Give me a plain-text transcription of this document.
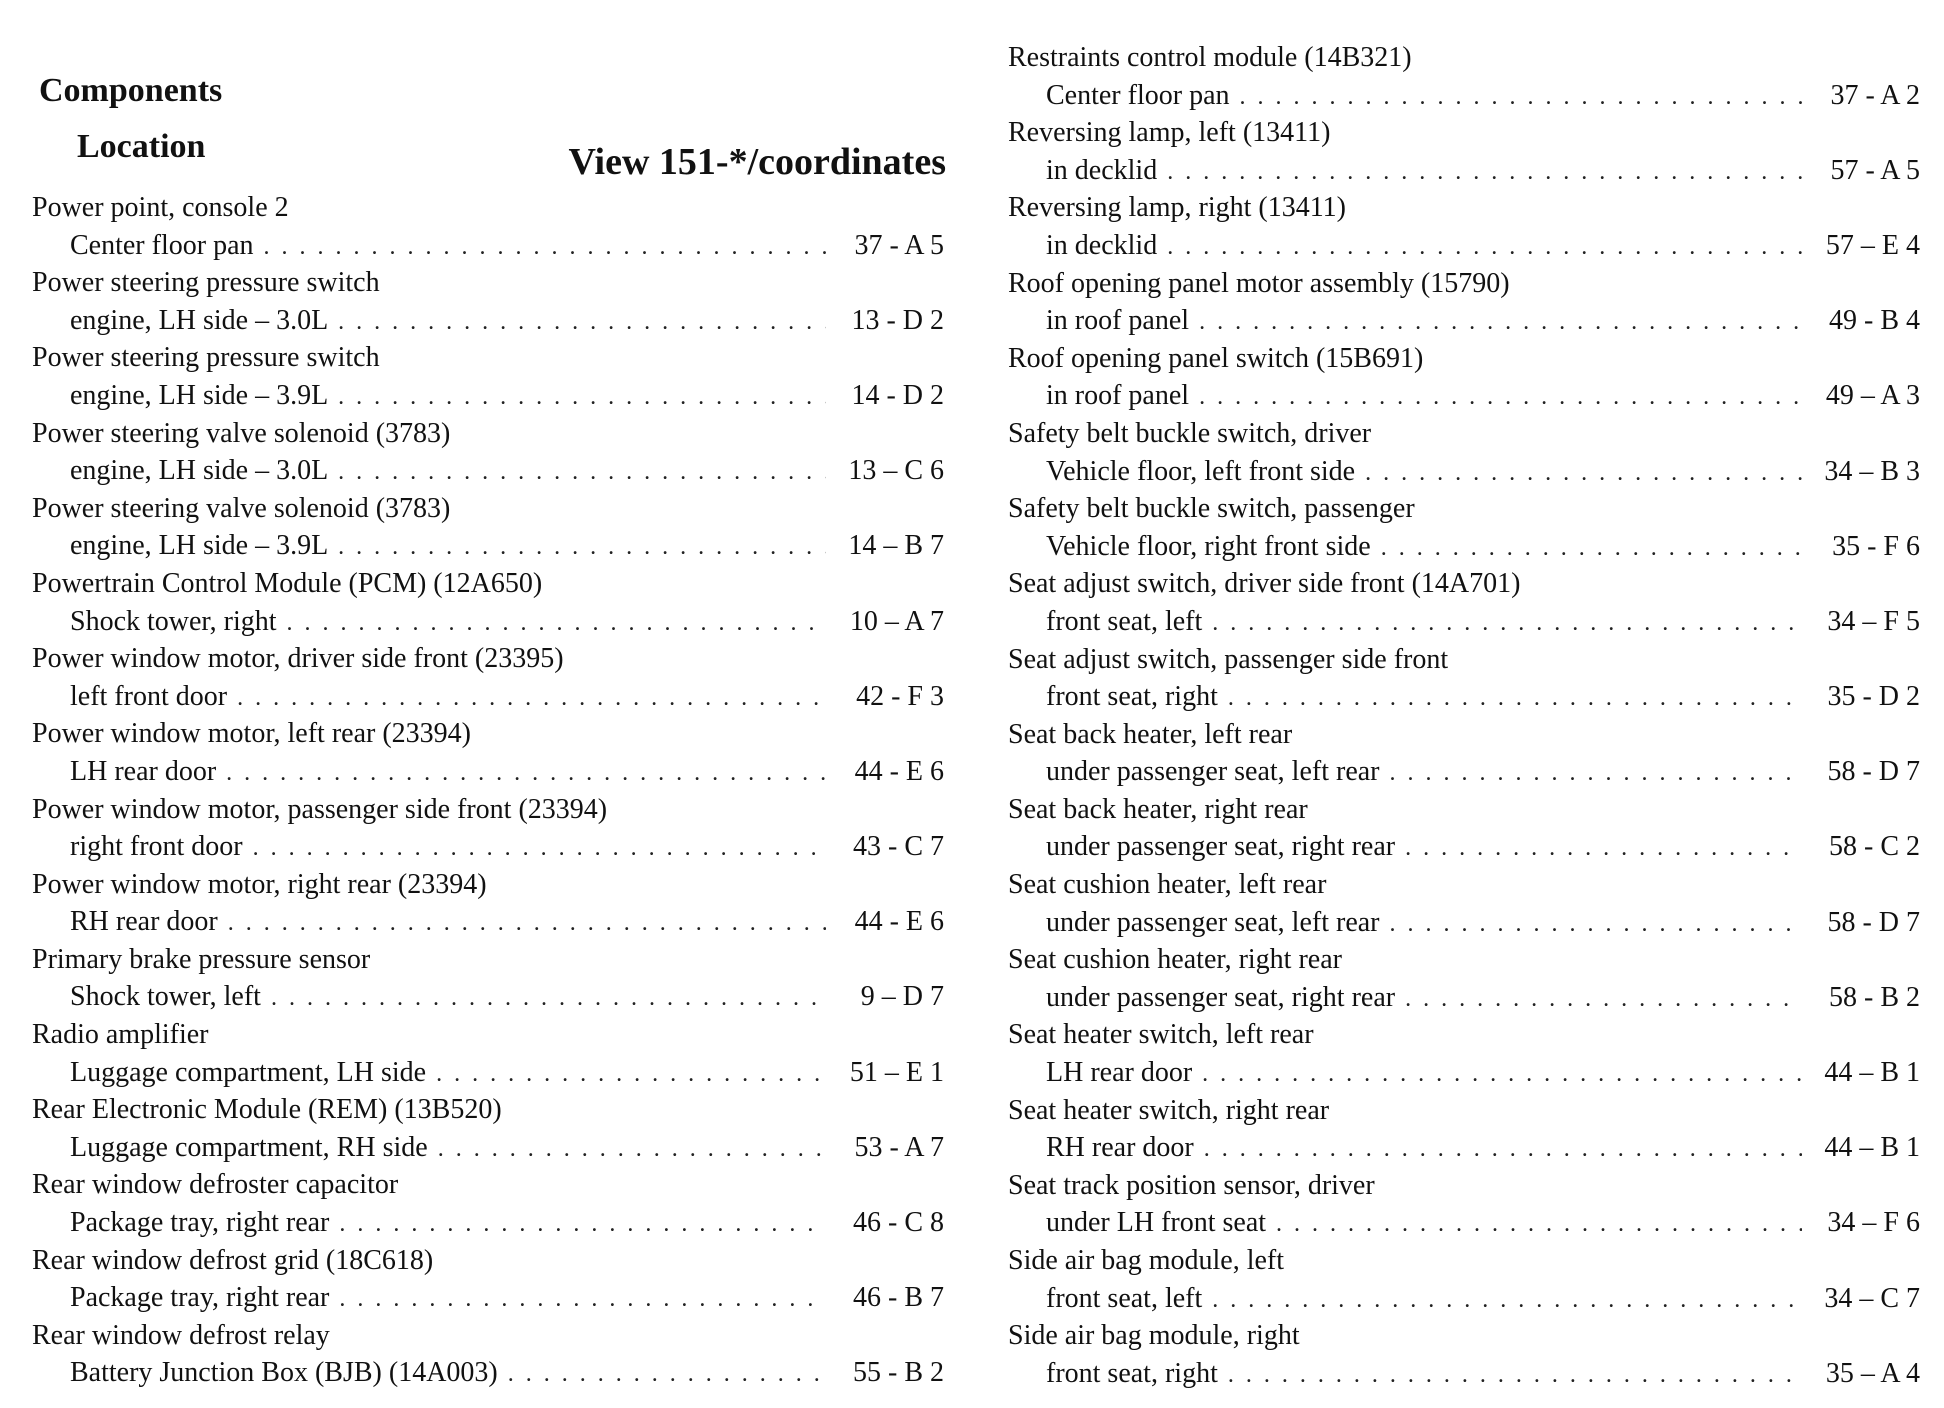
Components
Location	View 151-*/coordinates
Power point, console 2
Center floor pan . . .	37 - A 5
Power steering pressure switch
engine, LH side – 3.0L . . .	13 - D 2
Power steering pressure switch
engine, LH side – 3.9L . . .	14 - D 2
Power steering valve solenoid (3783)
engine, LH side – 3.0L . . .	13 – C 6
Power steering valve solenoid (3783)
engine, LH side – 3.9L . . .	14 – B 7
Powertrain Control Module (PCM) (12A650)
Shock tower, right . . .	10 – A 7
Power window motor, driver side front (23395)
left front door . . .	42 - F 3
Power window motor, left rear (23394)
LH rear door . . .	44 - E 6
Power window motor, passenger side front (23394)
right front door . . .	43 - C 7
Power window motor, right rear (23394)
RH rear door . . .	44 - E 6
Primary brake pressure sensor
Shock tower, left . . .	9 – D 7
Radio amplifier
Luggage compartment, LH side . . .	51 – E 1
Rear Electronic Module (REM) (13B520)
Luggage compartment, RH side . . .	53 - A 7
Rear window defroster capacitor
Package tray, right rear . . .	46 - C 8
Rear window defrost grid (18C618)
Package tray, right rear . . .	46 - B 7
Rear window defrost relay
Battery Junction Box (BJB) (14A003) . . .	55 - B 2
Restraints control module (14B321)
Center floor pan . . .	37 - A 2
Reversing lamp, left (13411)
in decklid . . .	57 - A 5
Reversing lamp, right (13411)
in decklid . . .	57 – E 4
Roof opening panel motor assembly (15790)
in roof panel . . .	49 - B 4
Roof opening panel switch (15B691)
in roof panel . . .	49 – A 3
Safety belt buckle switch, driver
Vehicle floor, left front side . . .	34 – B 3
Safety belt buckle switch, passenger
Vehicle floor, right front side . . .	35 - F 6
Seat adjust switch, driver side front (14A701)
front seat, left . . .	34 – F 5
Seat adjust switch, passenger side front
front seat, right . . .	35 - D 2
Seat back heater, left rear
under passenger seat, left rear . . .	58 - D 7
Seat back heater, right rear
under passenger seat, right rear . . .	58 - C 2
Seat cushion heater, left rear
under passenger seat, left rear . . .	58 - D 7
Seat cushion heater, right rear
under passenger seat, right rear . . .	58 - B 2
Seat heater switch, left rear
LH rear door . . .	44 – B 1
Seat heater switch, right rear
RH rear door . . .	44 – B 1
Seat track position sensor, driver
under LH front seat . . .	34 – F 6
Side air bag module, left
front seat, left . . .	34 – C 7
Side air bag module, right
front seat, right . . .	35 – A 4
